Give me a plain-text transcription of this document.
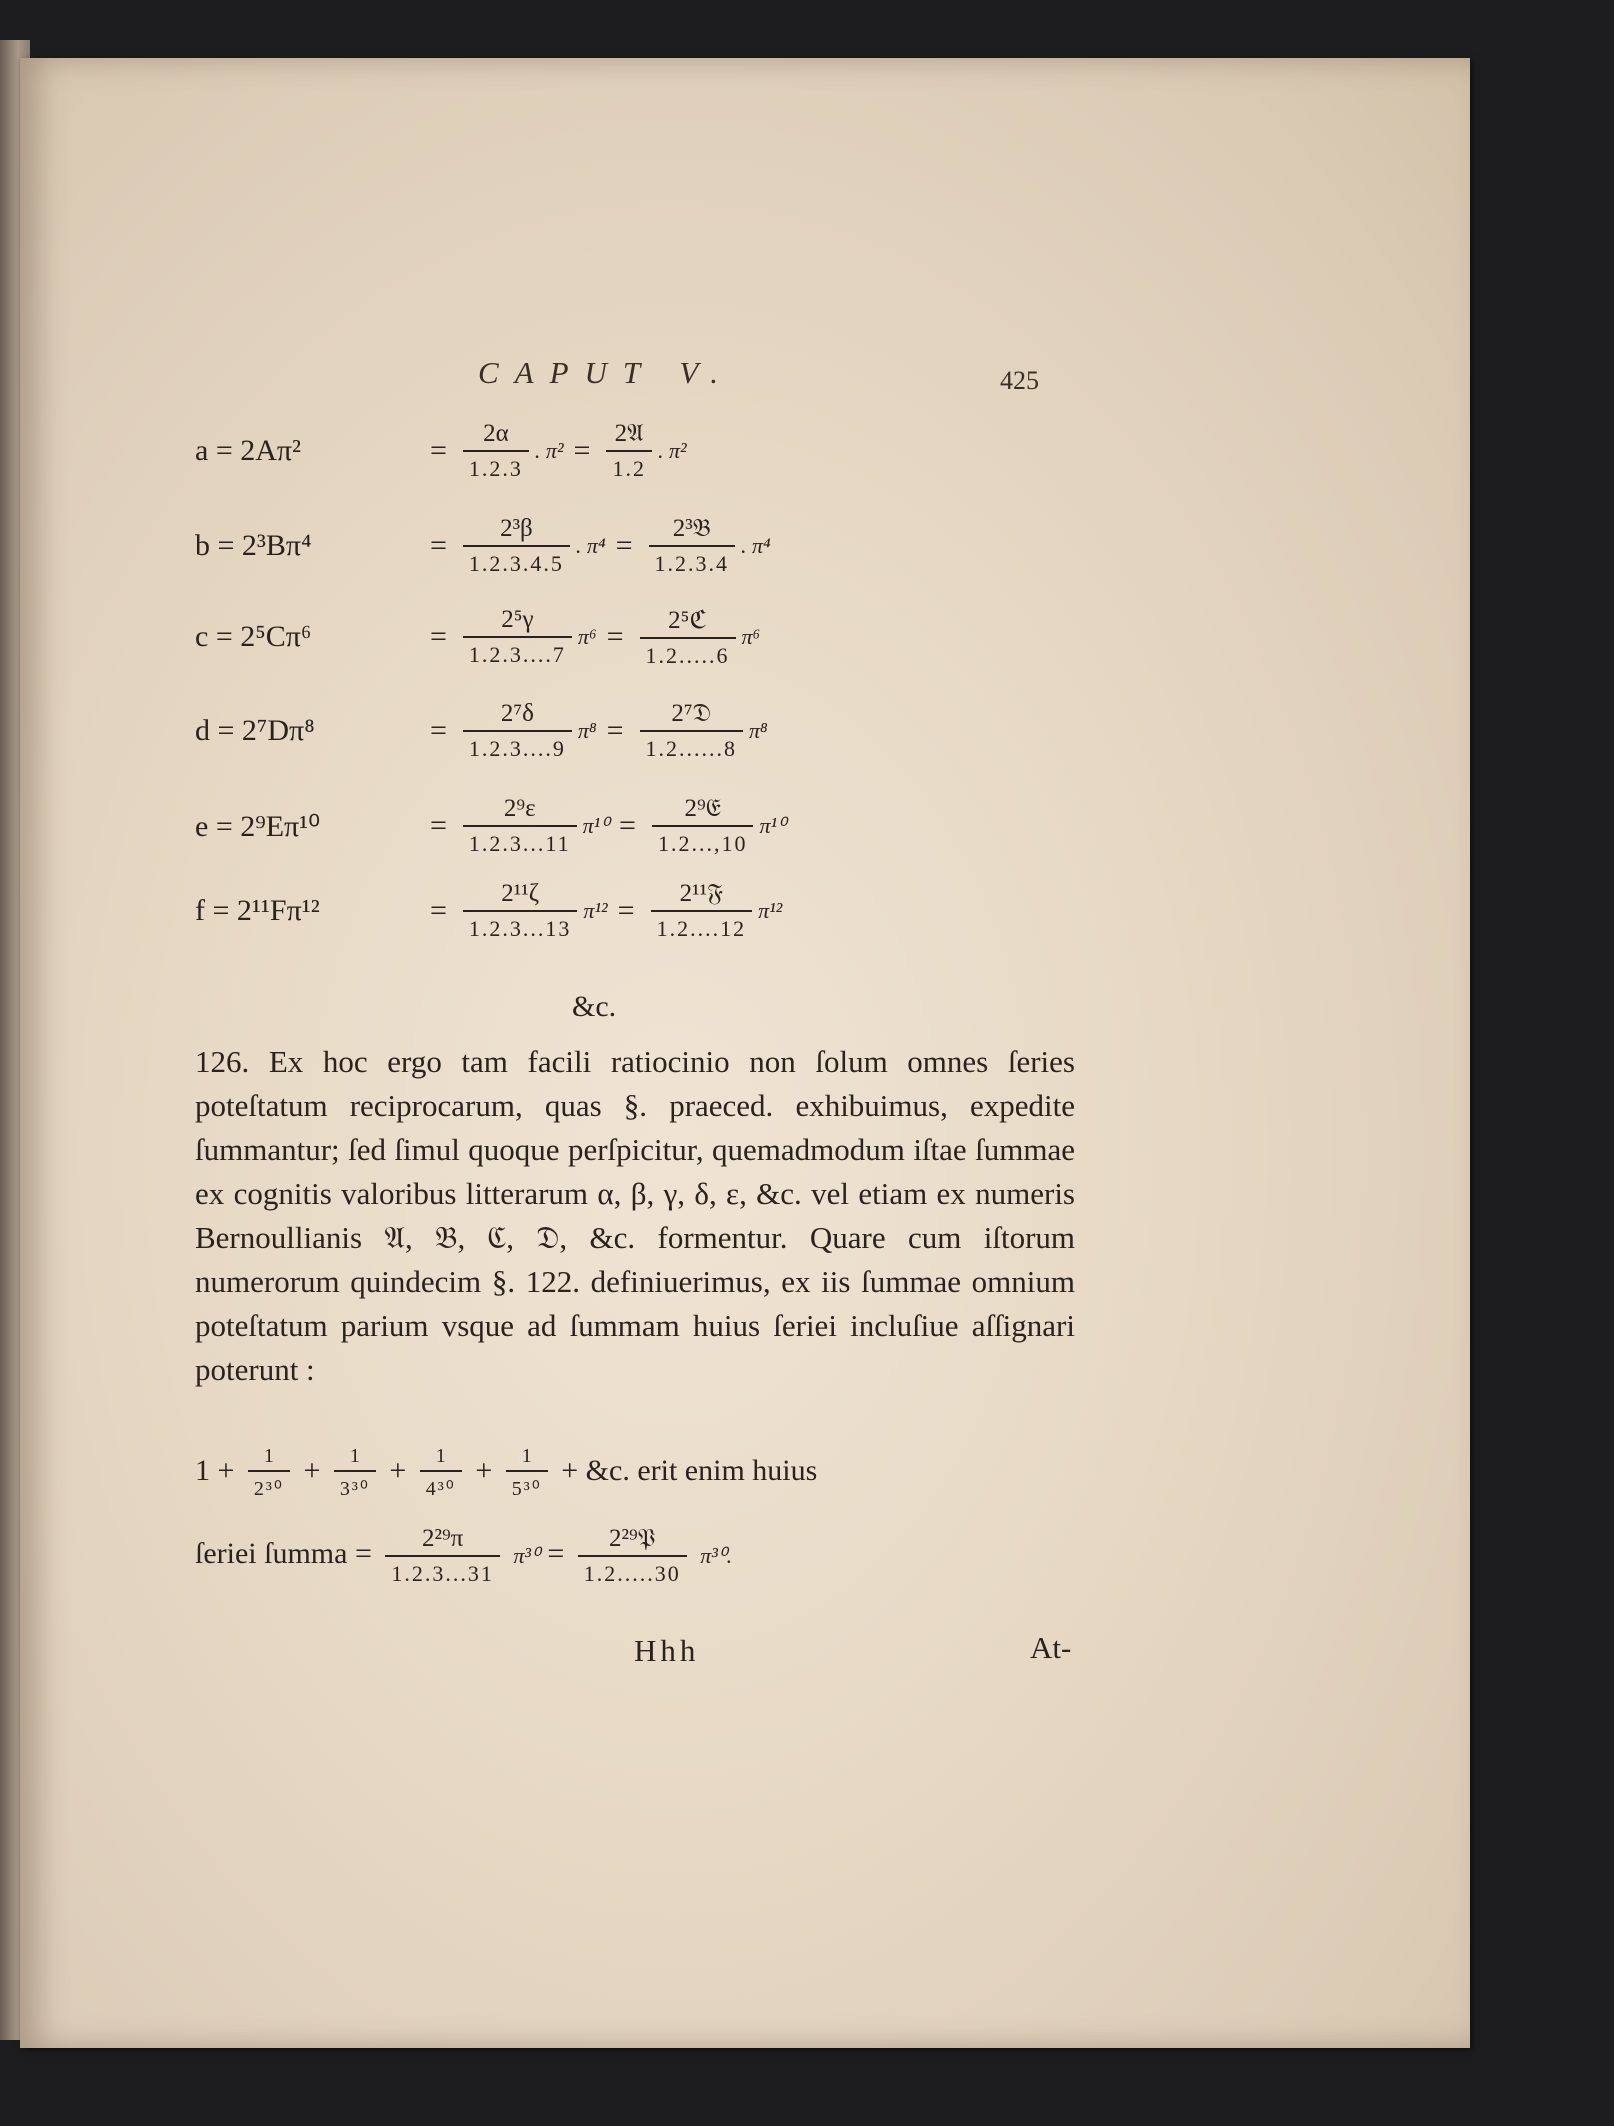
CAPUT V.	425
a = 2Aπ²	= $\frac{2\alpha}{1.2.3}$ . $\pi^2 = \frac{\text{2𝔄}}{1.2}$ . π²
b = 2³Bπ⁴	= $\frac{\text{2³β}}{1.2.3.4.5}$ . $\pi^4 = \frac{\text{2³𝔅}}{1.2.3.4}$ . π⁴
c = 2⁵Cπ⁶	= $\frac{\text{2⁵γ}}{1.2.3....7} \pi^6 = \frac{\text{2⁵ℭ}}{1.2.....6} \pi^6$
d = 2⁷Dπ⁸	= $\frac{\text{2⁷δ}}{1.2.3....9} \pi^8 = \frac{\text{2⁷𝔇}}{1.2......8} \pi^8$
e = 2⁹Eπ¹⁰	= $\frac{\text{2⁹ε}}{1.2.3...11} \pi^{10} = \frac{\text{2⁹𝔈}}{1.2...,10} \pi^{10}$
f = 2¹¹Fπ¹²	= $\frac{\text{2¹¹ζ}}{1.2.3...13} \pi^{12} = \frac{\text{2¹¹𝔉}}{1.2....12} \pi^{12}$
&c.
126. Ex hoc ergo tam facili ratiocinio non ſolum omnes ſeries poteſtatum reciprocarum, quas §. praeced. exhibuimus, expedite ſummantur; ſed ſimul quoque perſpicitur, quemadmodum iſtae ſummae ex cognitis valoribus litterarum α, β, γ, δ, ε, &c. vel etiam ex numeris Bernoullianis 𝔄, 𝔅, ℭ, 𝔇, &c. formentur. Quare cum iſtorum numerorum quindecim §. 122. definiuerimus, ex iis ſummae omnium poteſtatum parium vsque ad ſummam huius ſeriei incluſiue aſſignari poterunt :
$1 + \frac{1}{\text{2³⁰}} + \frac{1}{\text{3³⁰}} + \frac{1}{\text{4³⁰}} + \frac{1}{\text{5³⁰}}$ + &c. erit enim huius
ſeriei ſumma = $\frac{\text{2²⁹π}}{1.2.3...31} \pi^{30} = \frac{\text{2²⁹𝔓}}{1.2.....30} \pi^{30}$.
Hhh	At-
